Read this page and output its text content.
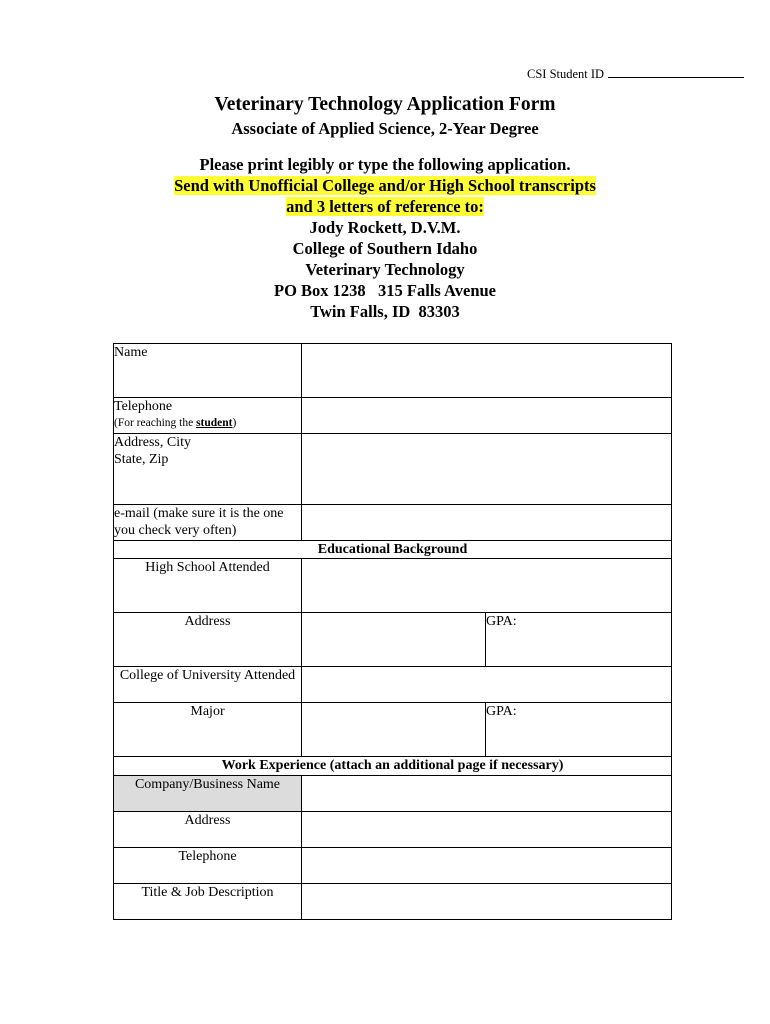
CSI Student ID
Veterinary Technology Application Form
Associate of Applied Science, 2-Year Degree
Please print legibly or type the following application.
Send with Unofficial College and/or High School transcripts
and 3 letters of reference to:
Jody Rockett, D.V.M.
College of Southern Idaho
Veterinary Technology
PO Box 1238   315 Falls Avenue
Twin Falls, ID  83303
Name		

Telephone
(For reaching the student)		

Address, City
State, Zip		

e-mail (make sure it is the one you check very often)		
Educational Background		
High School Attended		
Address		GPA:
College of University Attended		
Major		GPA:
Work Experience (attach an additional page if necessary)		
Company/Business Name		
Address		
Telephone		
Title & Job Description		
